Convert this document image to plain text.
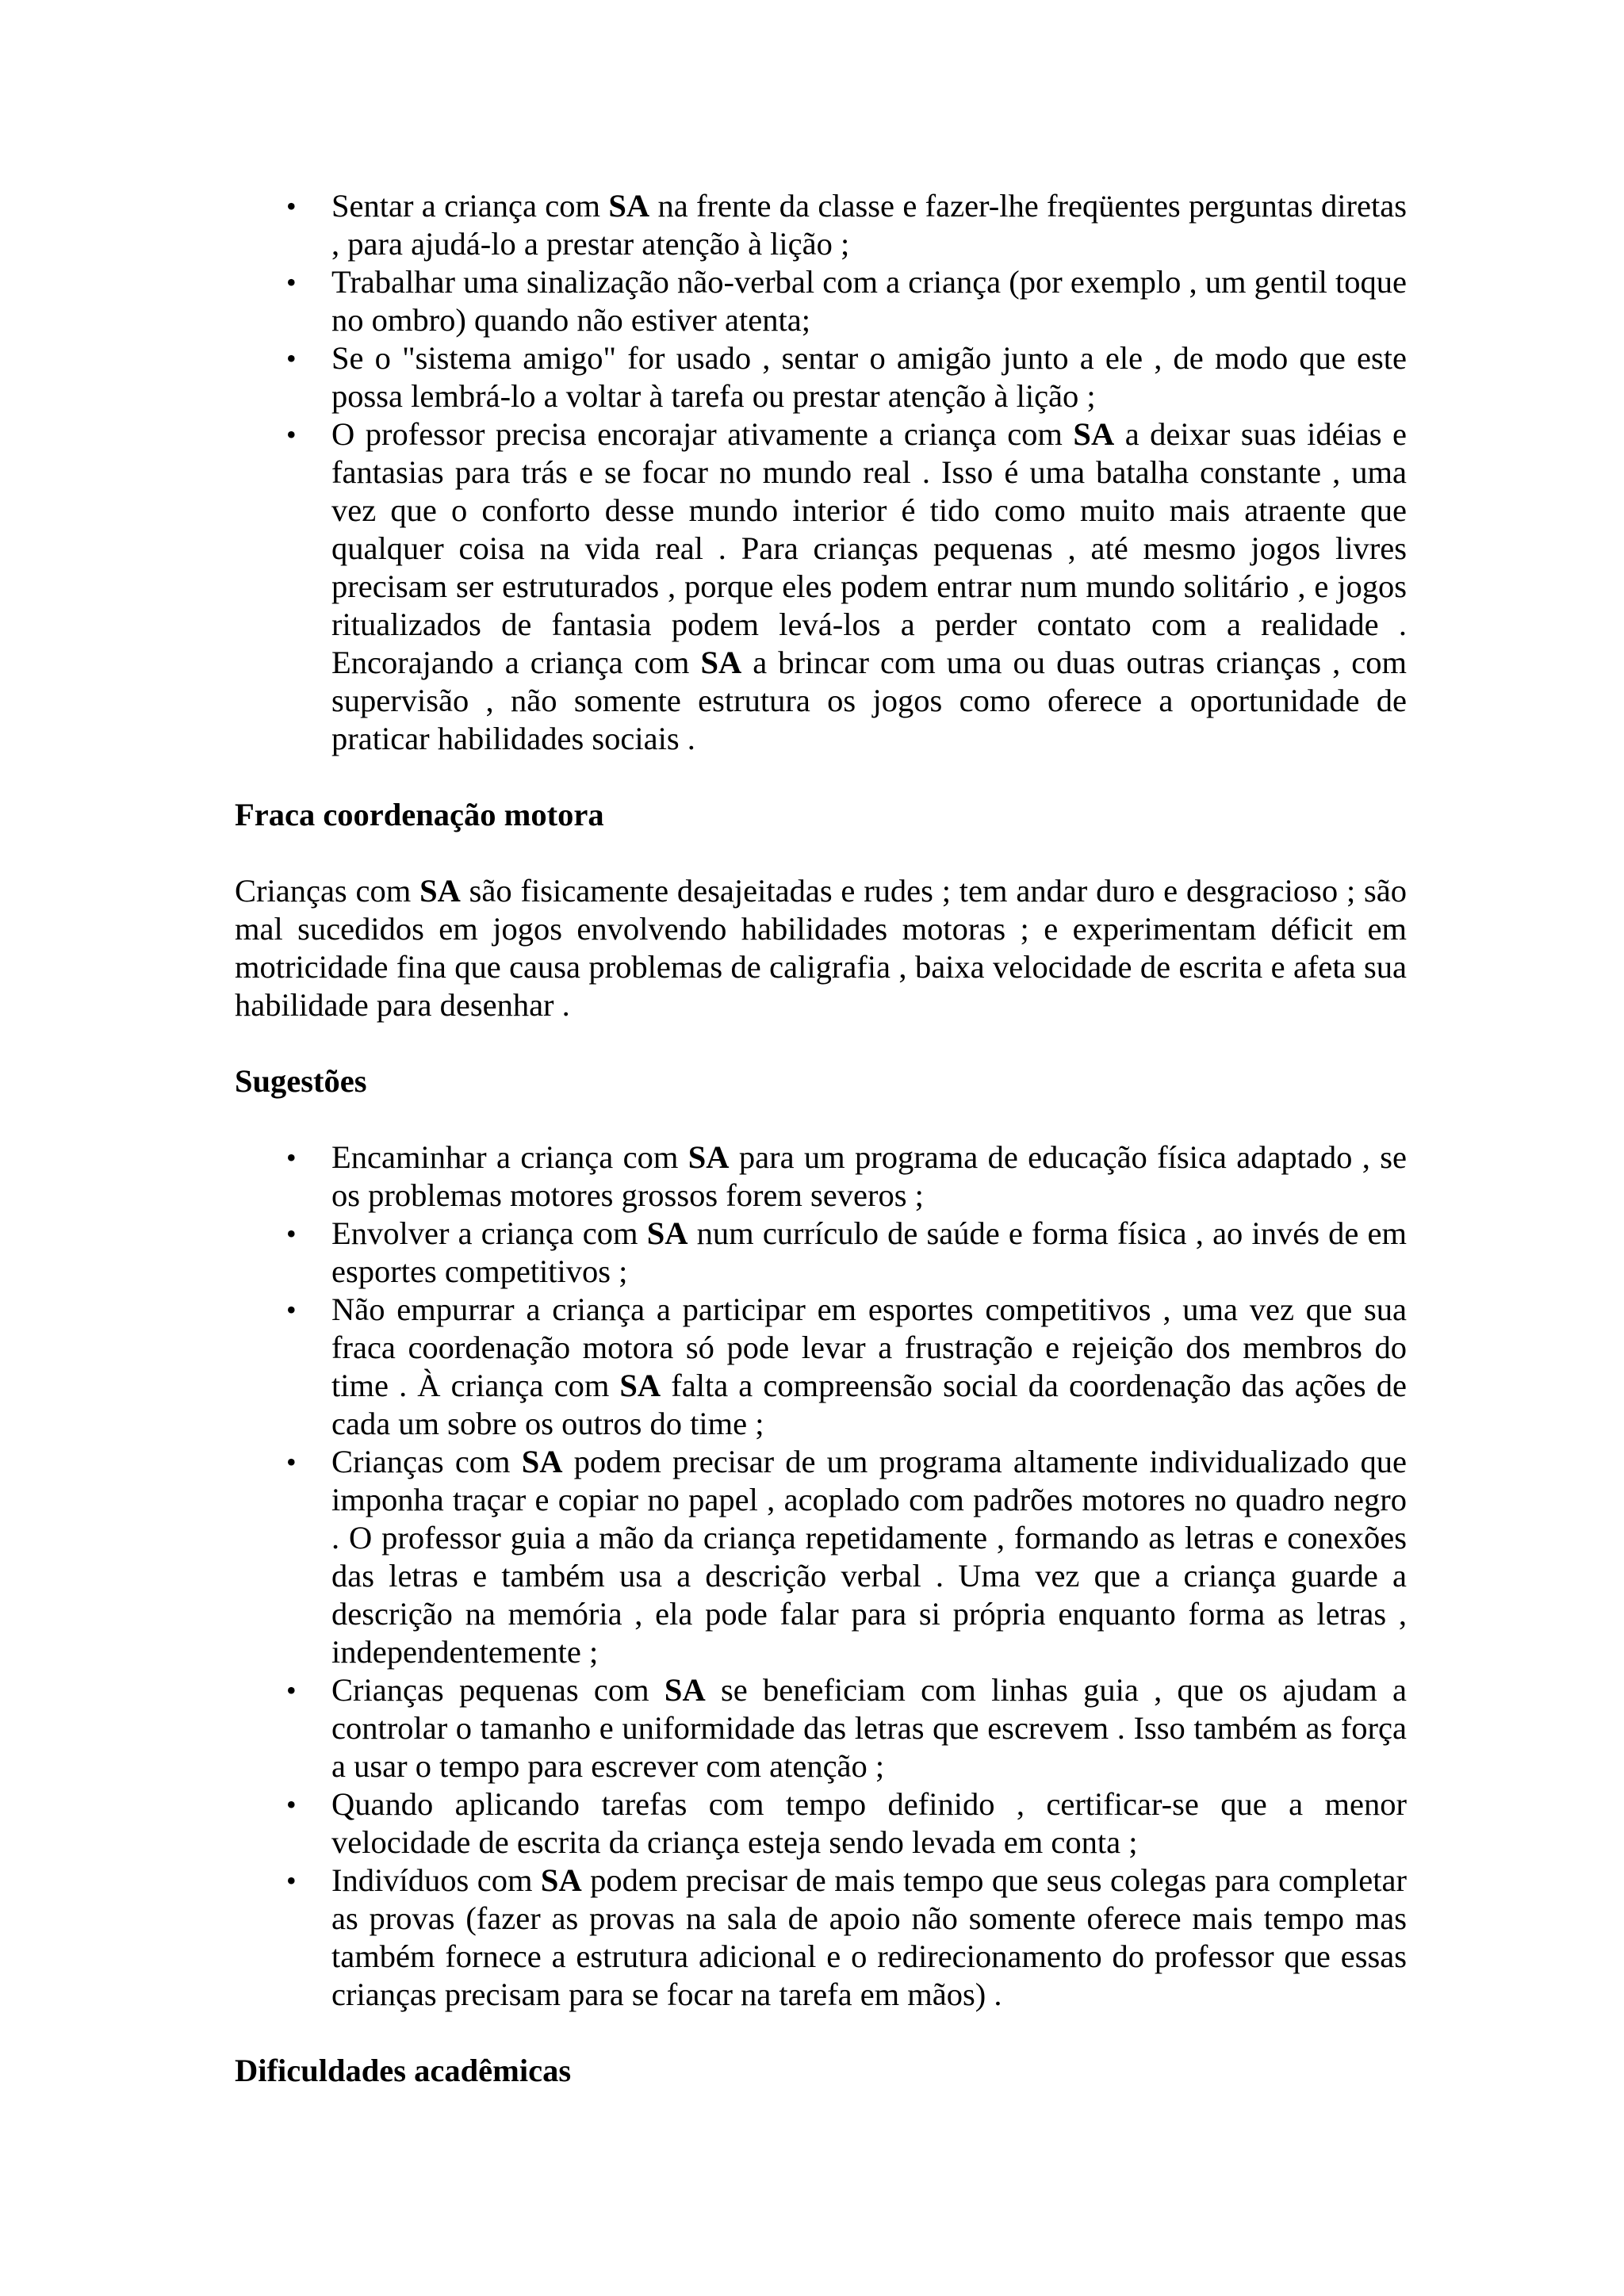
• Sentar a criança com SA na frente da classe e fazer-lhe freqüentes perguntas diretas , para ajudá-lo a prestar atenção à lição ;
• Trabalhar uma sinalização não-verbal com a criança (por exemplo , um gentil toque no ombro) quando não estiver atenta;
• Se o "sistema amigo" for usado , sentar o amigão junto a ele , de modo que este possa lembrá-lo a voltar à tarefa ou prestar atenção à lição ;
• O professor precisa encorajar ativamente a criança com SA a deixar suas idéias e fantasias para trás e se focar no mundo real . Isso é uma batalha constante , uma vez que o conforto desse mundo interior é tido como muito mais atraente que qualquer coisa na vida real . Para crianças pequenas , até mesmo jogos livres precisam ser estruturados , porque eles podem entrar num mundo solitário , e jogos ritualizados de fantasia podem levá-los a perder contato com a realidade . Encorajando a criança com SA a brincar com uma ou duas outras crianças , com supervisão , não somente estrutura os jogos como oferece a oportunidade de praticar habilidades sociais .

Fraca coordenação motora

Crianças com SA são fisicamente desajeitadas e rudes ; tem andar duro e desgracioso ; são mal sucedidos em jogos envolvendo habilidades motoras ; e experimentam déficit em motricidade fina que causa problemas de caligrafia , baixa velocidade de escrita e afeta sua habilidade para desenhar .

Sugestões

• Encaminhar a criança com SA para um programa de educação física adaptado , se os problemas motores grossos forem severos ;
• Envolver a criança com SA num currículo de saúde e forma física , ao invés de em esportes competitivos ;
• Não empurrar a criança a participar em esportes competitivos , uma vez que sua fraca coordenação motora só pode levar a frustração e rejeição dos membros do time . À criança com SA falta a compreensão social da coordenação das ações de cada um sobre os outros do time ;
• Crianças com SA podem precisar de um programa altamente individualizado que imponha traçar e copiar no papel , acoplado com padrões motores no quadro negro . O professor guia a mão da criança repetidamente , formando as letras e conexões das letras e também usa a descrição verbal . Uma vez que a criança guarde a descrição na memória , ela pode falar para si própria enquanto forma as letras , independentemente ;
• Crianças pequenas com SA se beneficiam com linhas guia , que os ajudam a controlar o tamanho e uniformidade das letras que escrevem . Isso também as força a usar o tempo para escrever com atenção ;
• Quando aplicando tarefas com tempo definido , certificar-se que a menor velocidade de escrita da criança esteja sendo levada em conta ;
• Indivíduos com SA podem precisar de mais tempo que seus colegas para completar as provas (fazer as provas na sala de apoio não somente oferece mais tempo mas também fornece a estrutura adicional e o redirecionamento do professor que essas crianças precisam para se focar na tarefa em mãos) .

Dificuldades acadêmicas
